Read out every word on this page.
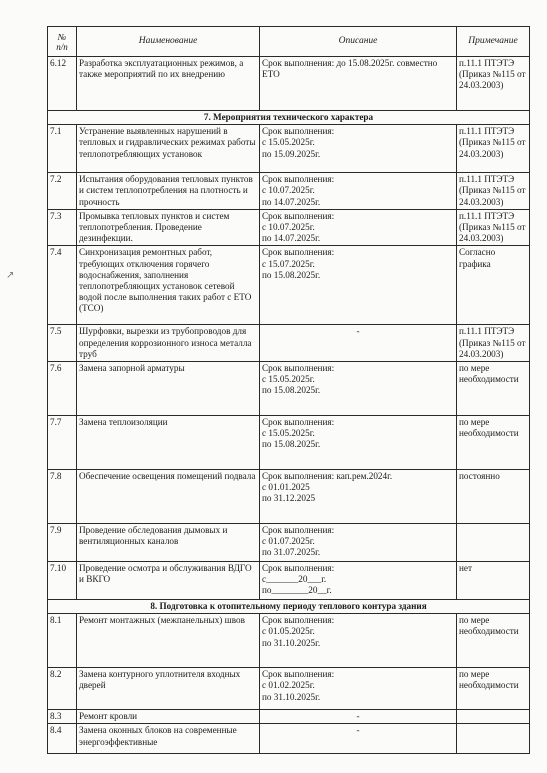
№
п/п	Наименование	Описание	Примечание
6.12	Разработка эксплуатационных режимов, а также мероприятий по их внедрению	Срок выполнения: до 15.08.2025г. совместно ЕТО	п.11.1 ПТЭТЭ (Приказ №115 от 24.03.2003)
7. Мероприятия технического характера			
7.1	Устранение выявленных нарушений в тепловых и гидравлических режимах работы теплопотребляющих установок	Срок выполнения:
с 15.05.2025г.
по 15.09.2025г.	п.11.1 ПТЭТЭ (Приказ №115 от 24.03.2003)
7.2	Испытания оборудования тепловых пунктов и систем теплопотребления на плотность и прочность	Срок выполнения:
с 10.07.2025г.
по 14.07.2025г.	п.11.1 ПТЭТЭ (Приказ №115 от 24.03.2003)
7.3	Промывка тепловых пунктов и систем теплопотребления. Проведение дезинфекции.	Срок выполнения:
с 10.07.2025г.
по 14.07.2025г.	п.11.1 ПТЭТЭ (Приказ №115 от 24.03.2003)
7.4	Синхронизация ремонтных работ, требующих отключения горячего водоснабжения, заполнения теплопотребляющих установок сетевой водой после выполнения таких работ с ЕТО (ТСО)	Срок выполнения:
с 15.07.2025г.
по 15.08.2025г.	Согласно графика
7.5	Шурфовки, вырезки из трубопроводов для определения коррозионного износа металла труб	-	п.11.1 ПТЭТЭ (Приказ №115 от 24.03.2003)
7.6	Замена запорной арматуры	Срок выполнения:
с 15.05.2025г.
по 15.08.2025г.	по мере необходимости
7.7	Замена теплоизоляции	Срок выполнения:
с 15.05.2025г.
по 15.08.2025г.	по мере необходимости
7.8	Обеспечение освещения помещений подвала	Срок выполнения: кап.рем.2024г.
с 01.01.2025
по 31.12.2025	постоянно
7.9	Проведение обследования дымовых и вентиляционных каналов	Срок выполнения:
с 01.07.2025г.
по 31.07.2025г.	
7.10	Проведение осмотра и обслуживания ВДГО и ВКГО	Срок выполнения:
с_______20___г.
по________20__г.	нет
8. Подготовка к отопительному периоду теплового контура здания			
8.1	Ремонт монтажных (межпанельных) швов	Срок выполнения:
с 01.05.2025г.
по 31.10.2025г.	по мере необходимости
8.2	Замена контурного уплотнителя входных дверей	Срок выполнения:
с 01.02.2025г.
по 31.10.2025г.	по мере необходимости
8.3	Ремонт кровли	-	
8.4	Замена оконных блоков на современные энергоэффективные	-	
↗
